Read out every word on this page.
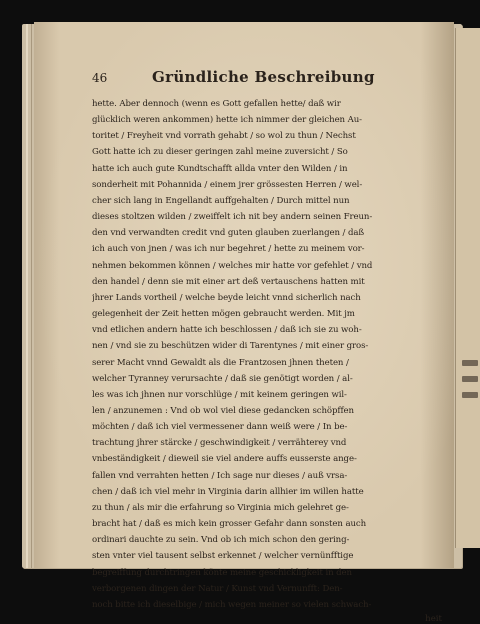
46	Gründliche Beschreibung
hette. Aber dennoch (wenn es Gott gefallen hette/ daß wir
glücklich weren ankommen) hette ich nimmer der gleichen Au-
toritet / Freyheit vnd vorrath gehabt / so wol zu thun / Nechst
Gott hatte ich zu dieser geringen zahl meine zuversicht / So
hatte ich auch gute Kundtschafft allda vnter den Wilden / in
sonderheit mit Pohannida / einem jrer grössesten Herren / wel-
cher sich lang in Engellandt auffgehalten / Durch mittel nun
dieses stoltzen wilden / zweiffelt ich nit bey andern seinen Freun-
den vnd verwandten credit vnd guten glauben zuerlangen / daß
ich auch von jnen / was ich nur begehret / hette zu meinem vor-
nehmen bekommen können / welches mir hatte vor gefehlet / vnd
den handel / denn sie mit einer art deß vertauschens hatten mit
jhrer Lands vortheil / welche beyde leicht vnnd sicherlich nach
gelegenheit der Zeit hetten mögen gebraucht werden. Mit jm
vnd etlichen andern hatte ich beschlossen / daß ich sie zu woh-
nen / vnd sie zu beschützen wider di Tarentynes / mit einer gros-
serer Macht vnnd Gewaldt als die Frantzosen jhnen theten /
welcher Tyranney verursachte / daß sie genötigt worden / al-
les was ich jhnen nur vorschlüge / mit keinem geringen wil-
len / anzunemen : Vnd ob wol viel diese gedancken schöpffen
möchten / daß ich viel vermessener dann weiß were / In be-
trachtung jhrer stärcke / geschwindigkeit / verrähterey vnd
vnbeständigkeit / dieweil sie viel andere auffs eusserste ange-
fallen vnd verrahten hetten / Ich sage nur dieses / auß vrsa-
chen / daß ich viel mehr in Virginia darin allhier im willen hatte
zu thun / als mir die erfahrung so Virginia mich gelehret ge-
bracht hat / daß es mich kein grosser Gefahr dann sonsten auch
ordinari dauchte zu sein. Vnd ob ich mich schon den gering-
sten vnter viel tausent selbst erkennet / welcher vernünfftige
begreiffung durchtringen könte meine geschickligkeit in den
verborgenen dingen der Natur / Kunst vnd Vernunfft: Den-
noch bitte ich dieselbige / mich wegen meiner so vielen schwach-
heit
